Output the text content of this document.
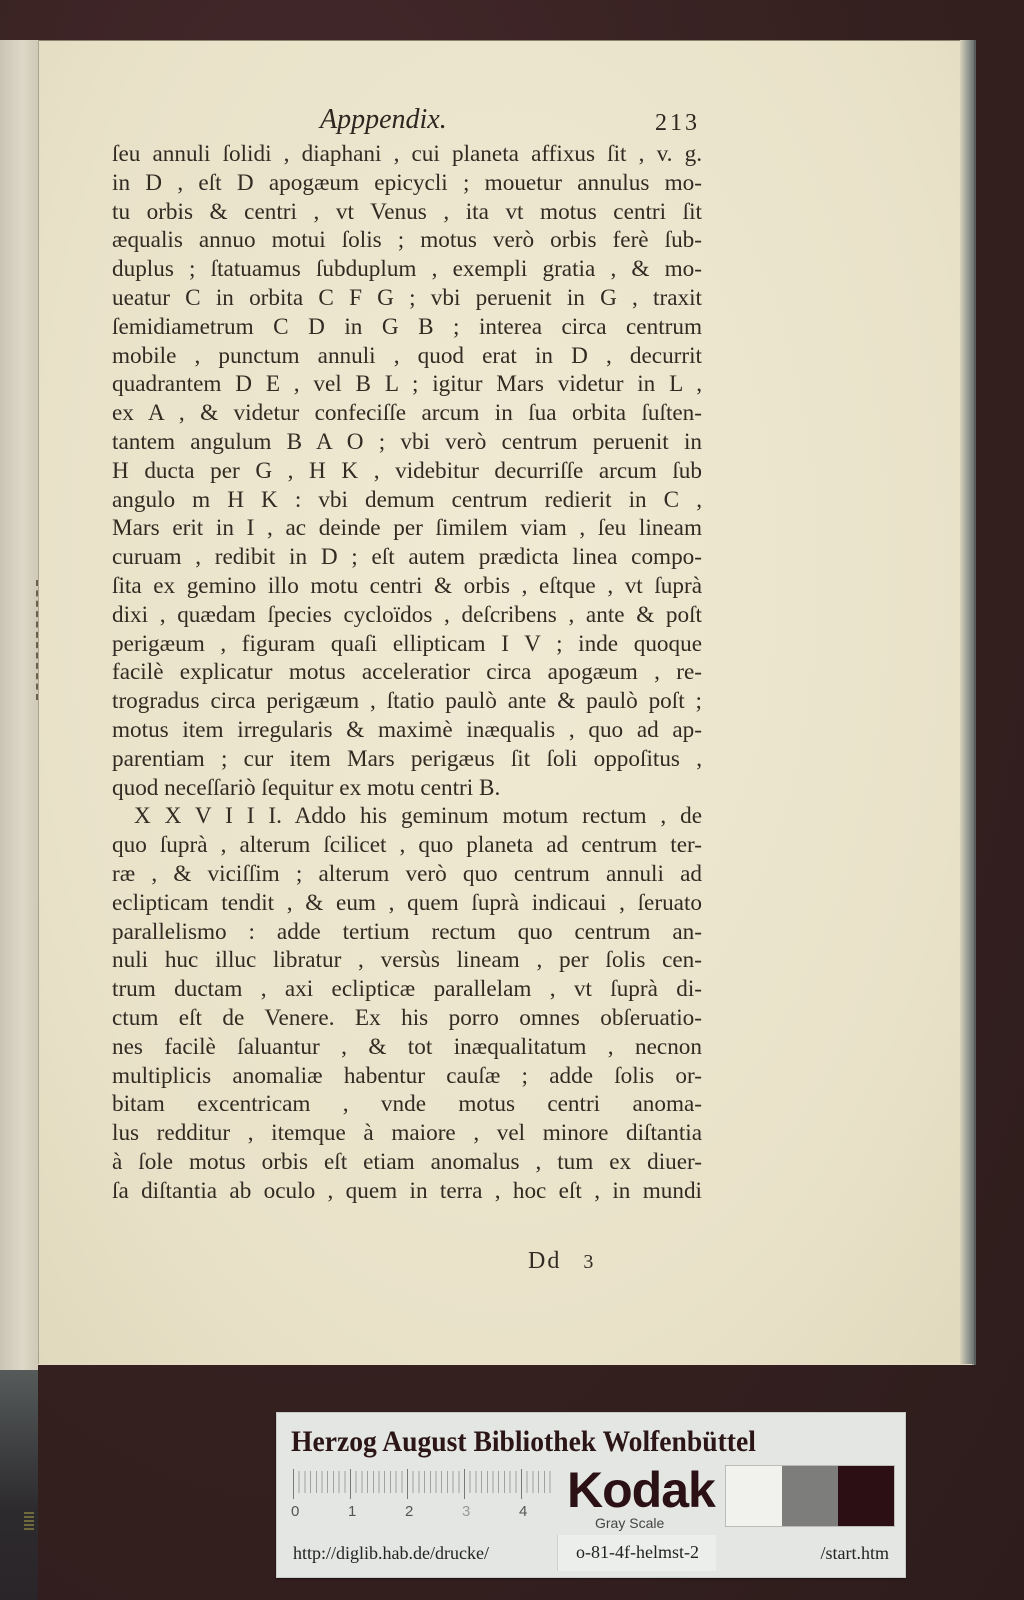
Apppendix.	213
ſeu annuli ſolidi , diaphani , cui planeta affixus ſit , v. g.
in D , eſt D apogæum epicycli ; mouetur annulus mo-
tu orbis & centri , vt Venus , ita vt motus centri ſit
æqualis annuo motui ſolis ; motus verò orbis ferè ſub-
duplus ; ſtatuamus ſubduplum , exempli gratia , & mo-
ueatur C in orbita C F G ; vbi peruenit in G , traxit
ſemidiametrum C D in G B ; interea circa centrum
mobile , punctum annuli , quod erat in D , decurrit
quadrantem D E , vel B L ; igitur Mars videtur in L ,
ex A , & videtur confeciſſe arcum in ſua orbita ſuſten-
tantem angulum B A O ; vbi verò centrum peruenit in
H ducta per G , H K , videbitur decurriſſe arcum ſub
angulo m H K : vbi demum centrum redierit in C ,
Mars erit in I , ac deinde per ſimilem viam , ſeu lineam
curuam , redibit in D ; eſt autem prædicta linea compo-
ſita ex gemino illo motu centri & orbis , eſtque , vt ſuprà
dixi , quædam ſpecies cycloïdos , deſcribens , ante & poſt
perigæum , figuram quaſi ellipticam I V ; inde quoque
facilè explicatur motus acceleratior circa apogæum , re-
trogradus circa perigæum , ſtatio paulò ante & paulò poſt ;
motus item irregularis & maximè inæqualis , quo ad ap-
parentiam ; cur item Mars perigæus ſit ſoli oppoſitus ,
quod neceſſariò ſequitur ex motu centri B.
X X V I I I. Addo his geminum motum rectum , de
quo ſuprà , alterum ſcilicet , quo planeta ad centrum ter-
ræ , & viciſſim ; alterum verò quo centrum annuli ad
eclipticam tendit , & eum , quem ſuprà indicaui , ſeruato
parallelismo : adde tertium rectum quo centrum an-
nuli huc illuc libratur , versùs lineam , per ſolis cen-
trum ductam , axi eclipticæ parallelam , vt ſuprà di-
ctum eſt de Venere. Ex his porro omnes obſeruatio-
nes facilè ſaluantur , & tot inæqualitatum , necnon
multiplicis anomaliæ habentur cauſæ ; adde ſolis or-
bitam excentricam , vnde motus centri anoma-
lus redditur , itemque à maiore , vel minore diſtantia
à ſole motus orbis eſt etiam anomalus , tum ex diuer-
ſa diſtantia ab oculo , quem in terra , hoc eſt , in mundi
Dd 3
Herzog August Bibliothek Wolfenbüttel
0	1	2	3	4 Kodak
Gray Scale
http://diglib.hab.de/drucke/	o-81-4f-helmst-2	/start.htm
